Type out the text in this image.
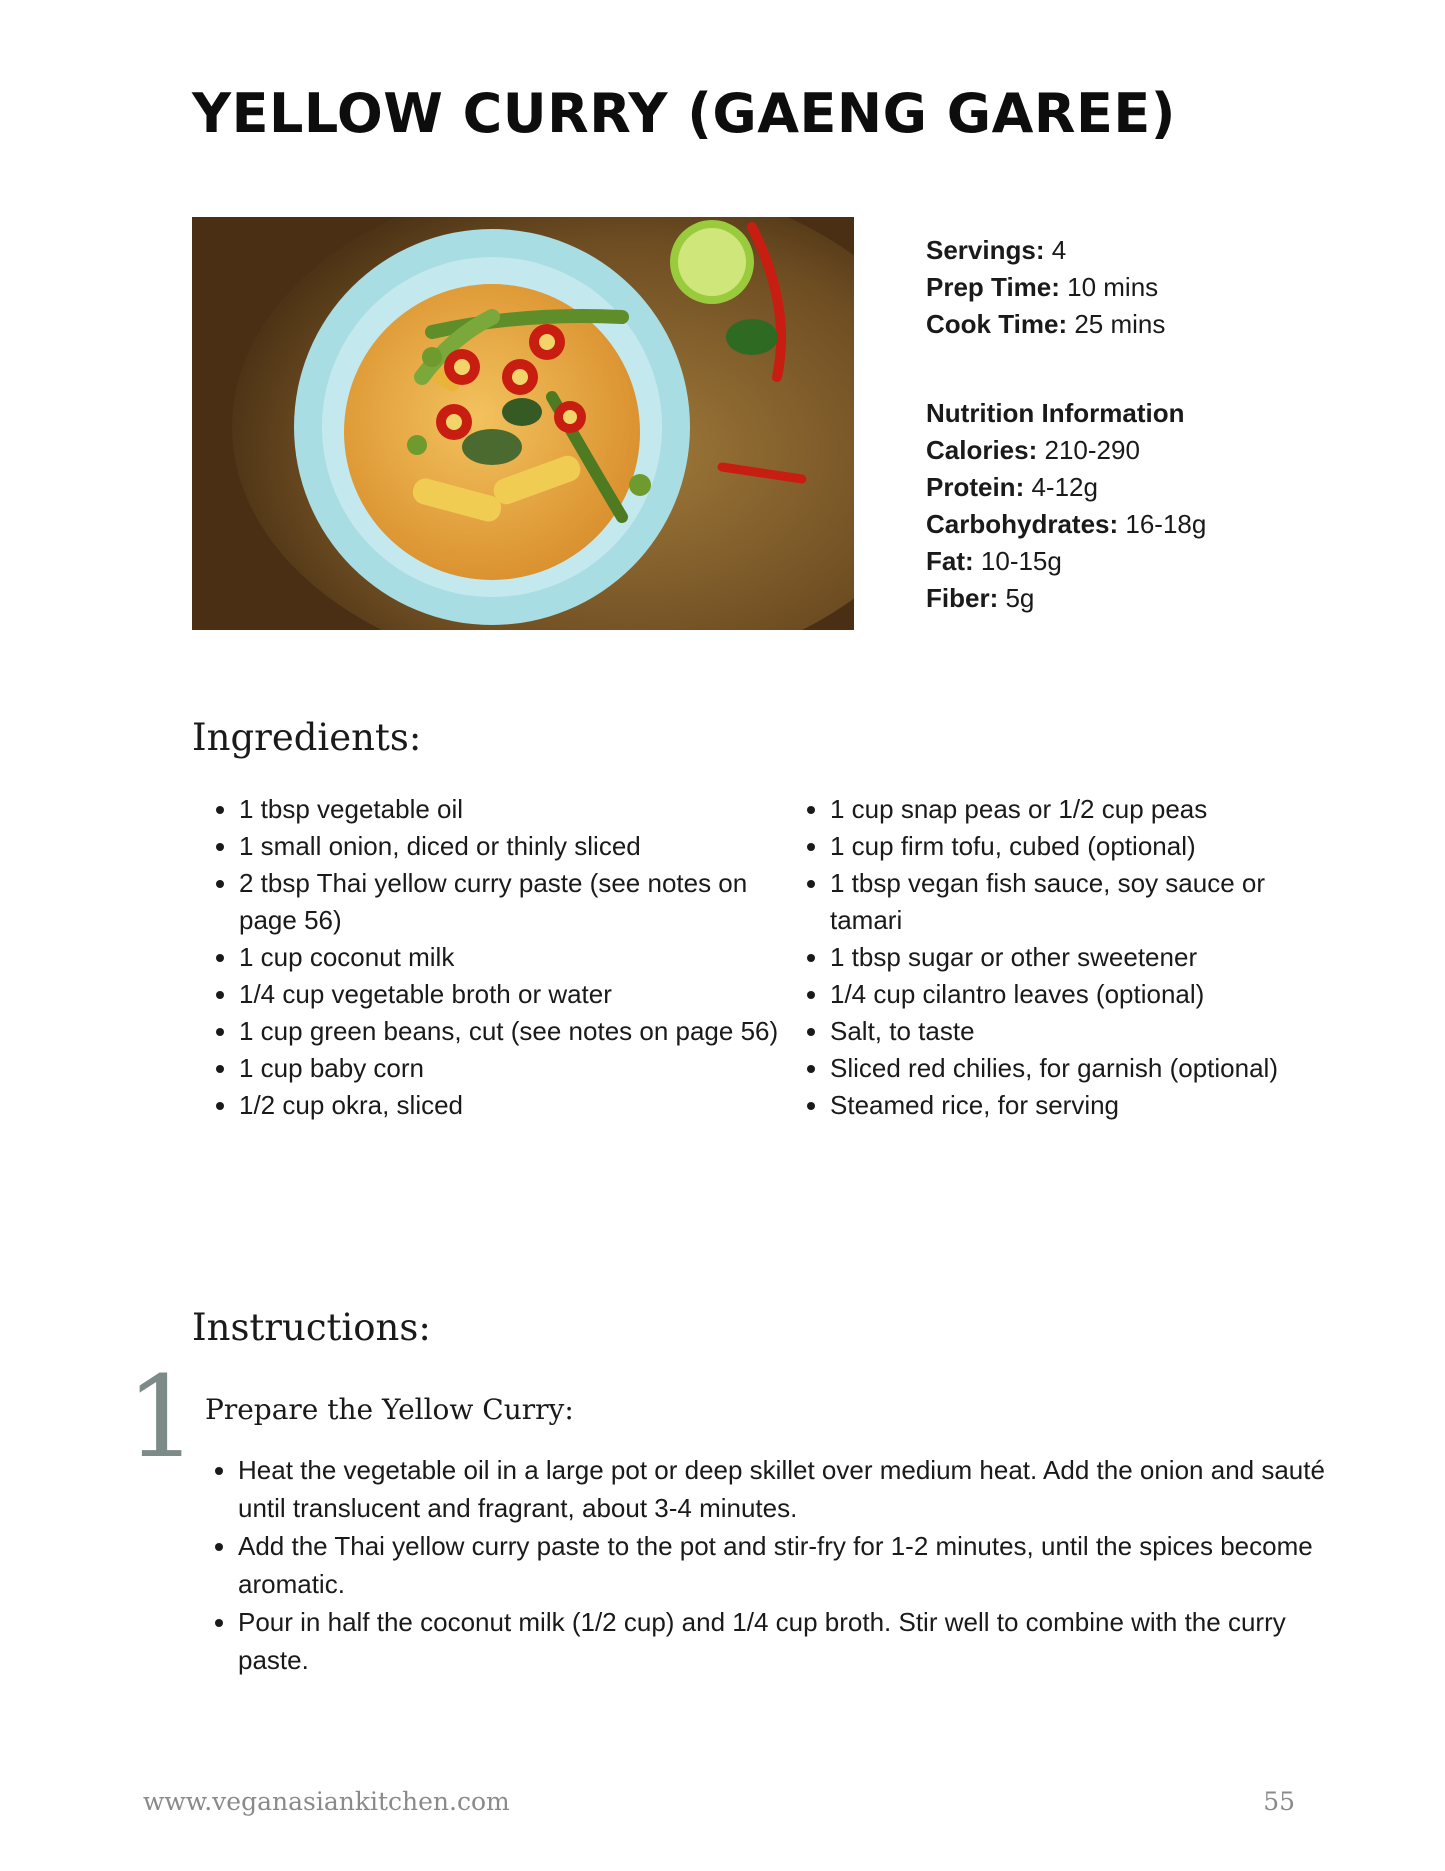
YELLOW CURRY (GAENG GAREE)
Servings: 4
Prep Time: 10 mins
Cook Time: 25 mins
Nutrition Information
Calories: 210-290
Protein: 4-12g
Carbohydrates: 16-18g
Fat: 10-15g
Fiber: 5g
Ingredients:
• 1 tbsp vegetable oil
• 1 small onion, diced or thinly sliced
• 2 tbsp Thai yellow curry paste (see notes on page 56)
• 1 cup coconut milk
• 1/4 cup vegetable broth or water
• 1 cup green beans, cut (see notes on page 56)
• 1 cup baby corn
• 1/2 cup okra, sliced
• 1 cup snap peas or 1/2 cup peas
• 1 cup firm tofu, cubed (optional)
• 1 tbsp vegan fish sauce, soy sauce or tamari
• 1 tbsp sugar or other sweetener
• 1/4 cup cilantro leaves (optional)
• Salt, to taste
• Sliced red chilies, for garnish (optional)
• Steamed rice, for serving
Instructions:
1 Prepare the Yellow Curry:
• Heat the vegetable oil in a large pot or deep skillet over medium heat. Add the onion and sauté until translucent and fragrant, about 3-4 minutes.
• Add the Thai yellow curry paste to the pot and stir-fry for 1-2 minutes, until the spices become aromatic.
• Pour in half the coconut milk (1/2 cup) and 1/4 cup broth. Stir well to combine with the curry paste.
www.veganasiankitchen.com	55
